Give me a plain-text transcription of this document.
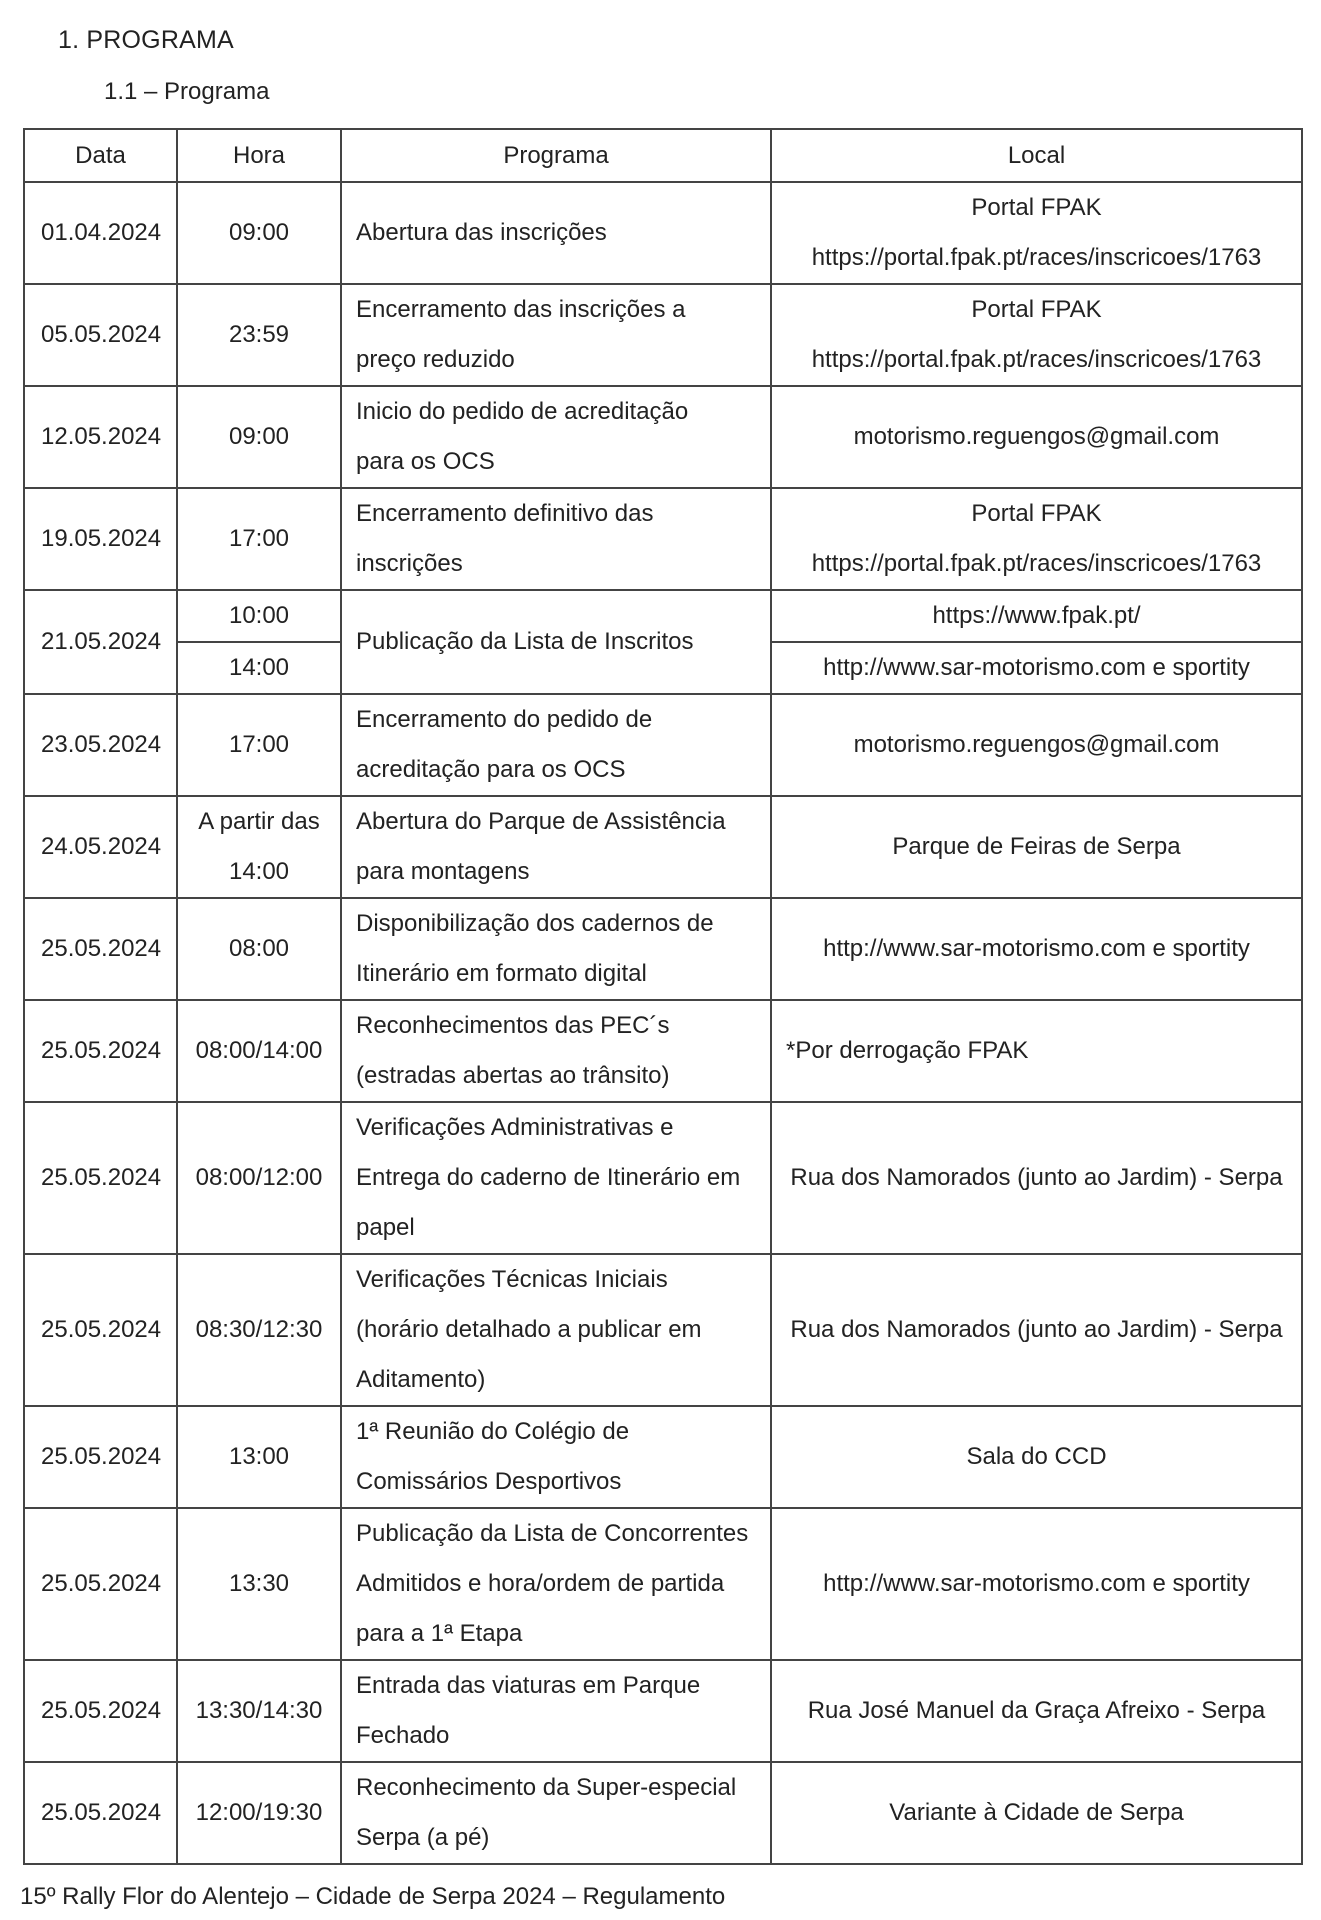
1. PROGRAMA
1.1 – Programa
Data	Hora	Programa	Local
01.04.2024	09:00	Abertura das inscrições	Portal FPAK
https://portal.fpak.pt/races/inscricoes/1763

05.05.2024	23:59	Encerramento das inscrições a
preço reduzido	Portal FPAK
https://portal.fpak.pt/races/inscricoes/1763

12.05.2024	09:00	Inicio do pedido de acreditação
para os OCS	motorismo.reguengos@gmail.com

19.05.2024	17:00	Encerramento definitivo das
inscrições	Portal FPAK
https://portal.fpak.pt/races/inscricoes/1763

21.05.2024	10:00	Publicação da Lista de Inscritos	https://www.fpak.pt/
	14:00		http://www.sar-motorismo.com e sportity
23.05.2024	17:00	Encerramento do pedido de
acreditação para os OCS	motorismo.reguengos@gmail.com

24.05.2024	A partir das
14:00	Abertura do Parque de Assistência
para montagens	Parque de Feiras de Serpa

25.05.2024	08:00	Disponibilização dos cadernos de
Itinerário em formato digital	http://www.sar-motorismo.com e sportity

25.05.2024	08:00/14:00	Reconhecimentos das PEC´s
(estradas abertas ao trânsito)	*Por derrogação FPAK

25.05.2024	08:00/12:00	Verificações Administrativas e
Entrega do caderno de Itinerário em
papel	Rua dos Namorados (junto ao Jardim) - Serpa

25.05.2024	08:30/12:30	Verificações Técnicas Iniciais
(horário detalhado a publicar em
Aditamento)	Rua dos Namorados (junto ao Jardim) - Serpa

25.05.2024	13:00	1ª Reunião do Colégio de
Comissários Desportivos	Sala do CCD

25.05.2024	13:30	Publicação da Lista de Concorrentes
Admitidos e hora/ordem de partida
para a 1ª Etapa	http://www.sar-motorismo.com e sportity

25.05.2024	13:30/14:30	Entrada das viaturas em Parque
Fechado	Rua José Manuel da Graça Afreixo - Serpa

25.05.2024	12:00/19:30	Reconhecimento da Super-especial
Serpa (a pé)	Variante à Cidade de Serpa
15º Rally Flor do Alentejo – Cidade de Serpa 2024 – Regulamento
